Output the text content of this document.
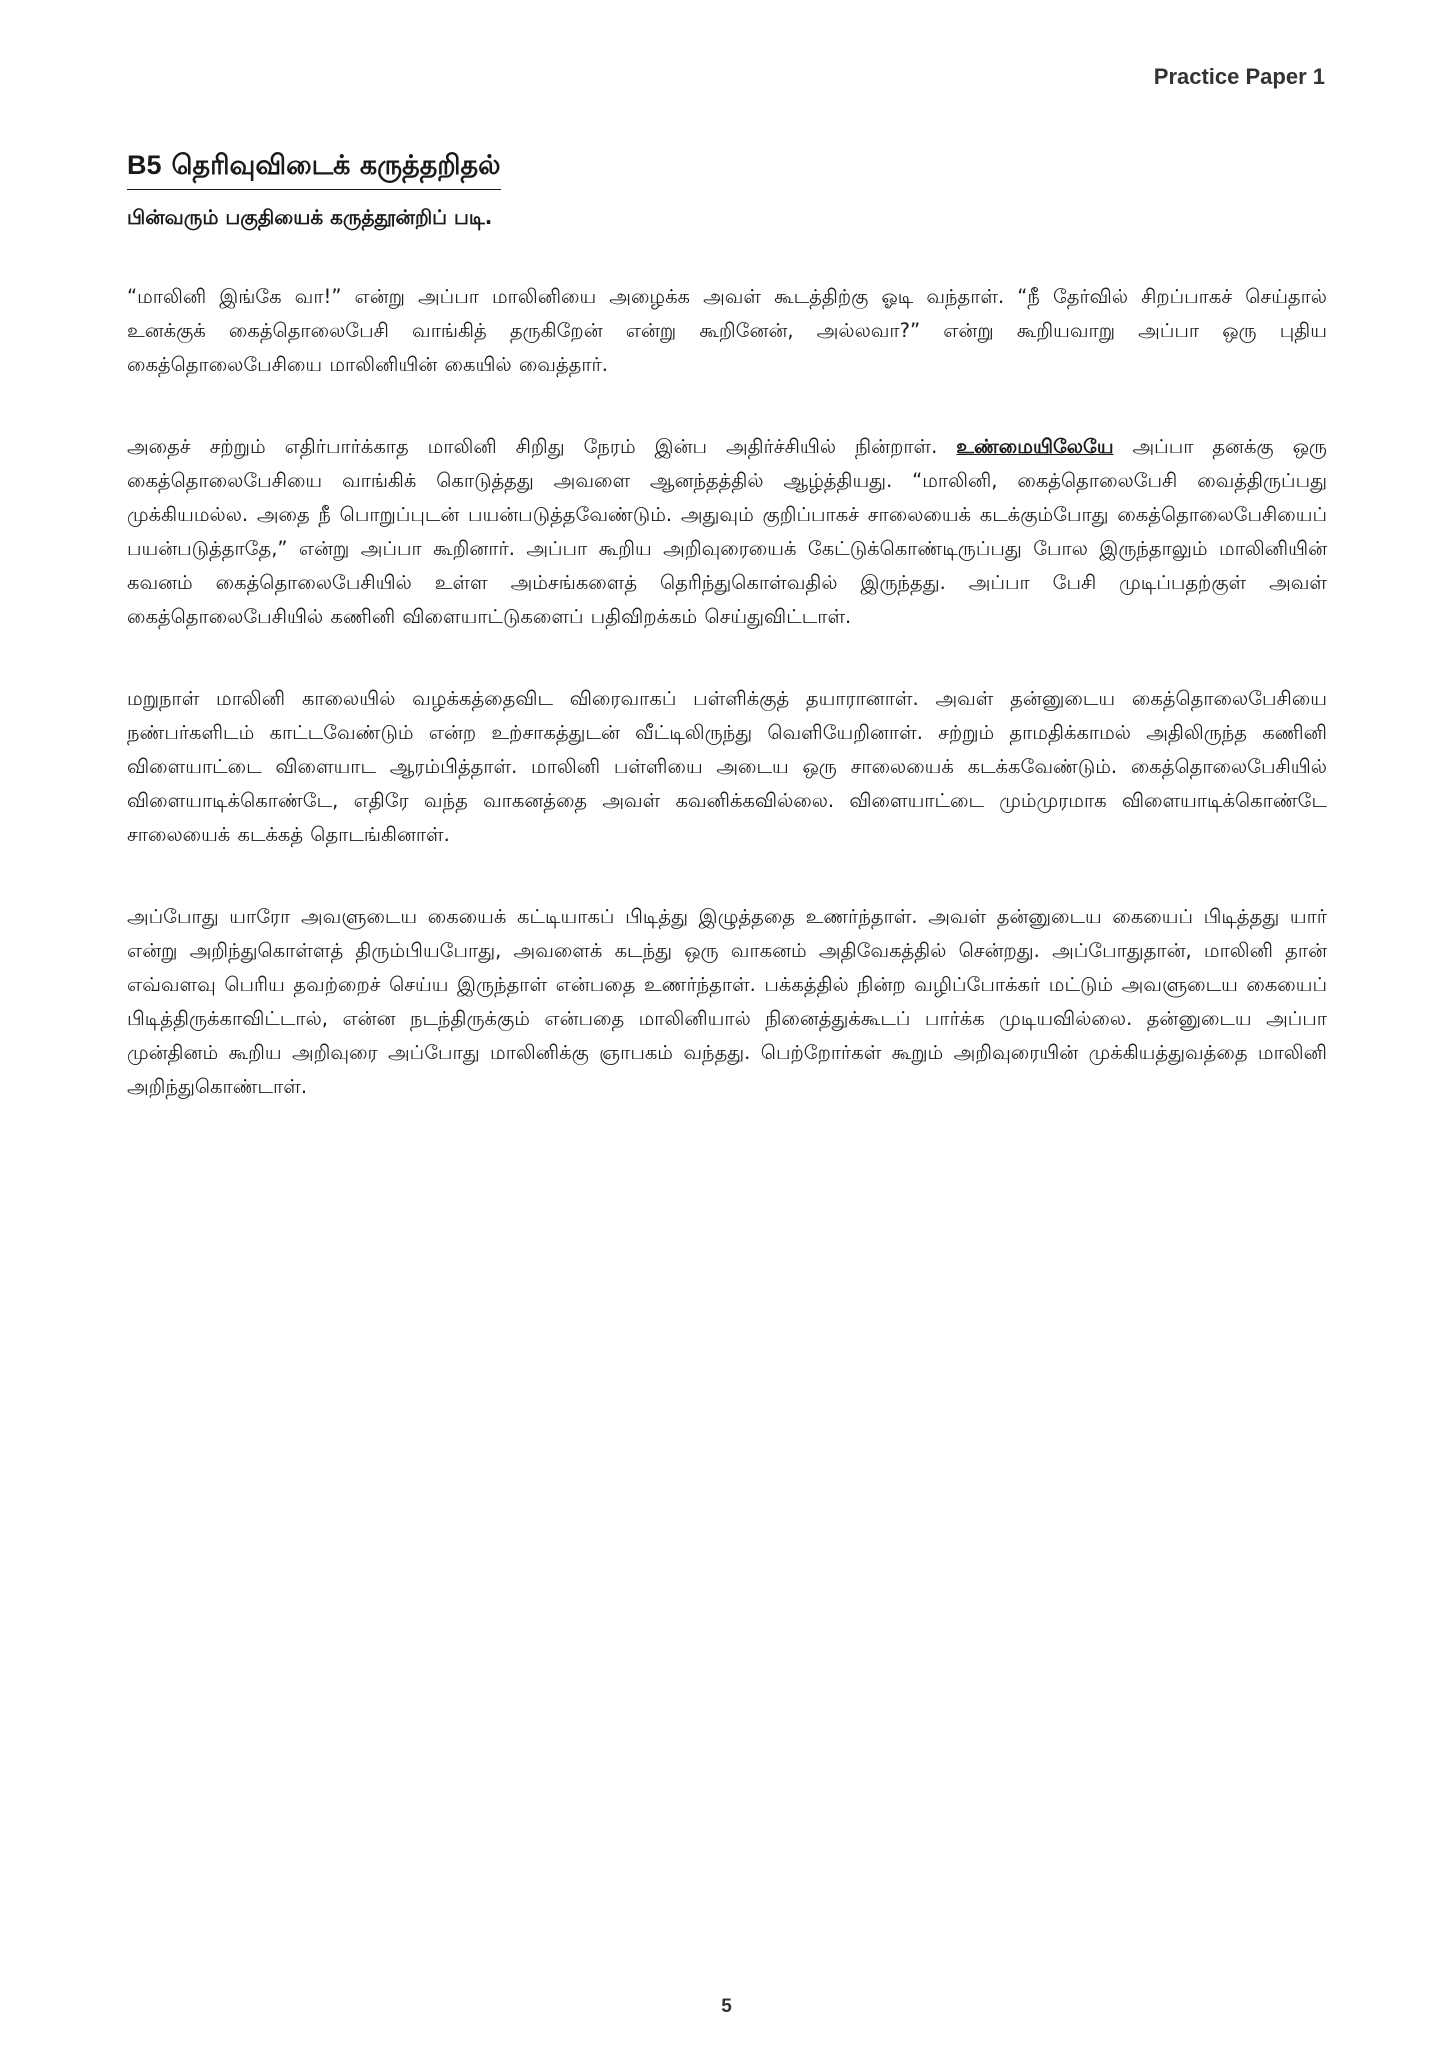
Practice Paper 1
B5 தெரிவுவிடைக் கருத்தறிதல்
பின்வரும் பகுதியைக் கருத்தூன்றிப் படி.

“மாலினி இங்கே வா!” என்று அப்பா மாலினியை அழைக்க அவள் கூடத்திற்கு ஓடி வந்தாள். “நீ தேர்வில் சிறப்பாகச் செய்தால் உனக்குக் கைத்தொலைபேசி வாங்கித் தருகிறேன் என்று கூறினேன், அல்லவா?” என்று கூறியவாறு அப்பா ஒரு புதிய கைத்தொலைபேசியை மாலினியின் கையில் வைத்தார்.

அதைச் சற்றும் எதிர்பார்க்காத மாலினி சிறிது நேரம் இன்ப அதிர்ச்சியில் நின்றாள். உண்மையிலேயே அப்பா தனக்கு ஒரு கைத்தொலைபேசியை வாங்கிக் கொடுத்தது அவளை ஆனந்தத்தில் ஆழ்த்தியது. “மாலினி, கைத்தொலைபேசி வைத்திருப்பது முக்கியமல்ல. அதை நீ பொறுப்புடன் பயன்படுத்தவேண்டும். அதுவும் குறிப்பாகச் சாலையைக் கடக்கும்போது கைத்தொலைபேசியைப் பயன்படுத்தாதே,” என்று அப்பா கூறினார். அப்பா கூறிய அறிவுரையைக் கேட்டுக்கொண்டிருப்பது போல இருந்தாலும் மாலினியின் கவனம் கைத்தொலைபேசியில் உள்ள அம்சங்களைத் தெரிந்துகொள்வதில் இருந்தது. அப்பா பேசி முடிப்பதற்குள் அவள் கைத்தொலைபேசியில் கணினி விளையாட்டுகளைப் பதிவிறக்கம் செய்துவிட்டாள்.

மறுநாள் மாலினி காலையில் வழக்கத்தைவிட விரைவாகப் பள்ளிக்குத் தயாரானாள். அவள் தன்னுடைய கைத்தொலைபேசியை நண்பர்களிடம் காட்டவேண்டும் என்ற உற்சாகத்துடன் வீட்டிலிருந்து வெளியேறினாள். சற்றும் தாமதிக்காமல் அதிலிருந்த கணினி விளையாட்டை விளையாட ஆரம்பித்தாள். மாலினி பள்ளியை அடைய ஒரு சாலையைக் கடக்கவேண்டும். கைத்தொலைபேசியில் விளையாடிக்கொண்டே, எதிரே வந்த வாகனத்தை அவள் கவனிக்கவில்லை. விளையாட்டை மும்முரமாக விளையாடிக்கொண்டே சாலையைக் கடக்கத் தொடங்கினாள்.

அப்போது யாரோ அவளுடைய கையைக் கட்டியாகப் பிடித்து இழுத்ததை உணர்ந்தாள். அவள் தன்னுடைய கையைப் பிடித்தது யார் என்று அறிந்துகொள்ளத் திரும்பியபோது, அவளைக் கடந்து ஒரு வாகனம் அதிவேகத்தில் சென்றது. அப்போதுதான், மாலினி தான் எவ்வளவு பெரிய தவற்றைச் செய்ய இருந்தாள் என்பதை உணர்ந்தாள். பக்கத்தில் நின்ற வழிப்போக்கர் மட்டும் அவளுடைய கையைப் பிடித்திருக்காவிட்டால், என்ன நடந்திருக்கும் என்பதை மாலினியால் நினைத்துக்கூடப் பார்க்க முடியவில்லை. தன்னுடைய அப்பா முன்தினம் கூறிய அறிவுரை அப்போது மாலினிக்கு ஞாபகம் வந்தது. பெற்றோர்கள் கூறும் அறிவுரையின் முக்கியத்துவத்தை மாலினி அறிந்துகொண்டாள்.

5
